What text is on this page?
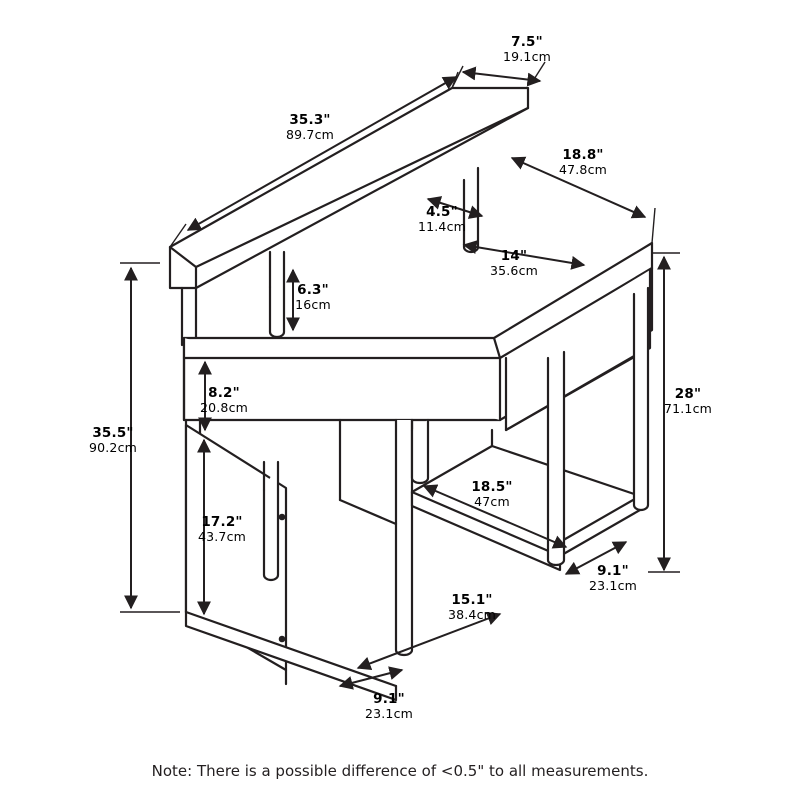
7.5"
19.1cm
35.3"
89.7cm
18.8"
47.8cm
4.5"
11.4cm
14"
35.6cm
6.3"
16cm
28"
71.1cm
8.2"
20.8cm
35.5"
90.2cm
18.5"
47cm
17.2"
43.7cm
9.1"
23.1cm
15.1"
38.4cm
9.1"
23.1cm
Note: There is a possible difference of <0.5" to all measurements.
